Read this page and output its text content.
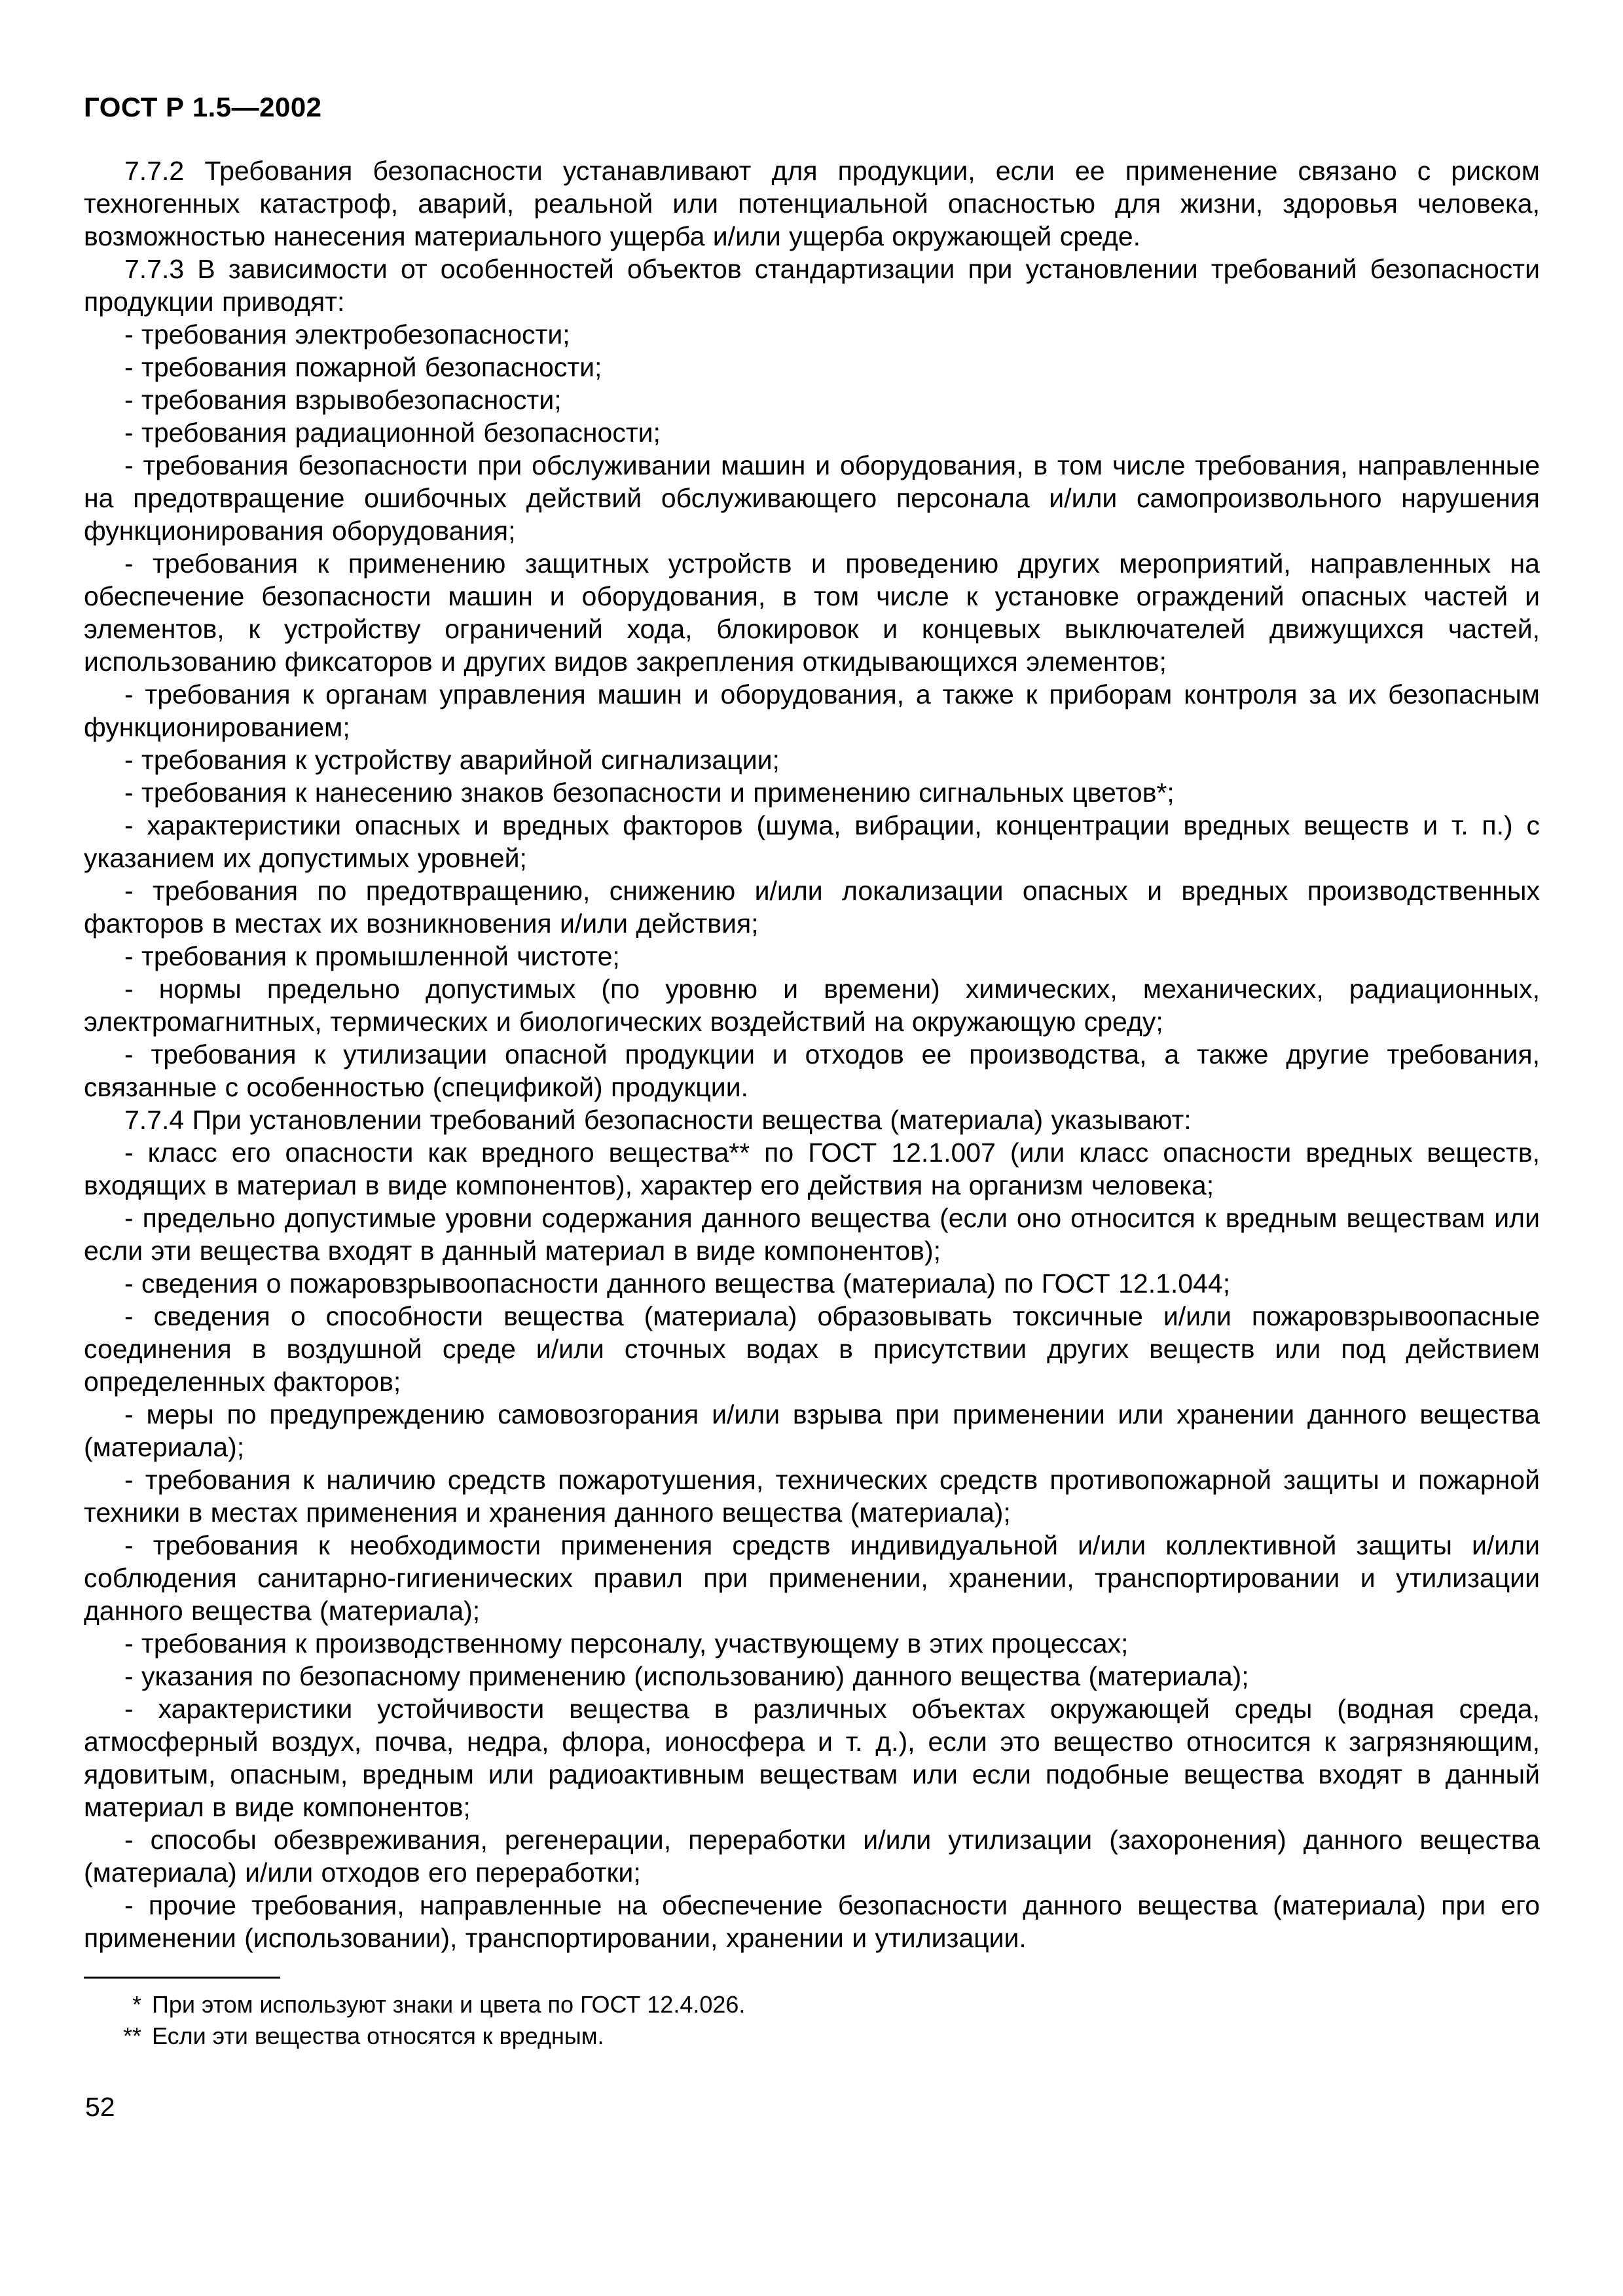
ГОСТ Р 1.5—2002

7.7.2 Требования безопасности устанавливают для продукции, если ее применение связано с риском техногенных катастроф, аварий, реальной или потенциальной опасностью для жизни, здоровья человека, возможностью нанесения материального ущерба и/или ущерба окружающей среде.

7.7.3 В зависимости от особенностей объектов стандартизации при установлении требований безопасности продукции приводят:

- требования электробезопасности;

- требования пожарной безопасности;

- требования взрывобезопасности;

- требования радиационной безопасности;

- требования безопасности при обслуживании машин и оборудования, в том числе требования, направленные на предотвращение ошибочных действий обслуживающего персонала и/или самопроизвольного нарушения функционирования оборудования;

- требования к применению защитных устройств и проведению других мероприятий, направленных на обеспечение безопасности машин и оборудования, в том числе к установке ограждений опасных частей и элементов, к устройству ограничений хода, блокировок и концевых выключателей движущихся частей, использованию фиксаторов и других видов закрепления откидывающихся элементов;

- требования к органам управления машин и оборудования, а также к приборам контроля за их безопасным функционированием;

- требования к устройству аварийной сигнализации;

- требования к нанесению знаков безопасности и применению сигнальных цветов*;

- характеристики опасных и вредных факторов (шума, вибрации, концентрации вредных веществ и т. п.) с указанием их допустимых уровней;

- требования по предотвращению, снижению и/или локализации опасных и вредных производственных факторов в местах их возникновения и/или действия;

- требования к промышленной чистоте;

- нормы предельно допустимых (по уровню и времени) химических, механических, радиационных, электромагнитных, термических и биологических воздействий на окружающую среду;

- требования к утилизации опасной продукции и отходов ее производства, а также другие требования, связанные с особенностью (спецификой) продукции.

7.7.4 При установлении требований безопасности вещества (материала) указывают:

- класс его опасности как вредного вещества** по ГОСТ 12.1.007 (или класс опасности вредных веществ, входящих в материал в виде компонентов), характер его действия на организм человека;

- предельно допустимые уровни содержания данного вещества (если оно относится к вредным веществам или если эти вещества входят в данный материал в виде компонентов);

- сведения о пожаровзрывоопасности данного вещества (материала) по ГОСТ 12.1.044;

- сведения о способности вещества (материала) образовывать токсичные и/или пожаровзрывоопасные соединения в воздушной среде и/или сточных водах в присутствии других веществ или под действием определенных факторов;

- меры по предупреждению самовозгорания и/или взрыва при применении или хранении данного вещества (материала);

- требования к наличию средств пожаротушения, технических средств противопожарной защиты и пожарной техники в местах применения и хранения данного вещества (материала);

- требования к необходимости применения средств индивидуальной и/или коллективной защиты и/или соблюдения санитарно-гигиенических правил при применении, хранении, транспортировании и утилизации данного вещества (материала);

- требования к производственному персоналу, участвующему в этих процессах;

- указания по безопасному применению (использованию) данного вещества (материала);

- характеристики устойчивости вещества в различных объектах окружающей среды (водная среда, атмосферный воздух, почва, недра, флора, ионосфера и т. д.), если это вещество относится к загрязняющим, ядовитым, опасным, вредным или радиоактивным веществам или если подобные вещества входят в данный материал в виде компонентов;

- способы обезвреживания, регенерации, переработки и/или утилизации (захоронения) данного вещества (материала) и/или отходов его переработки;

- прочие требования, направленные на обеспечение безопасности данного вещества (материала) при его применении (использовании), транспортировании, хранении и утилизации.

* При этом используют знаки и цвета по ГОСТ 12.4.026.
** Если эти вещества относятся к вредным.
52
